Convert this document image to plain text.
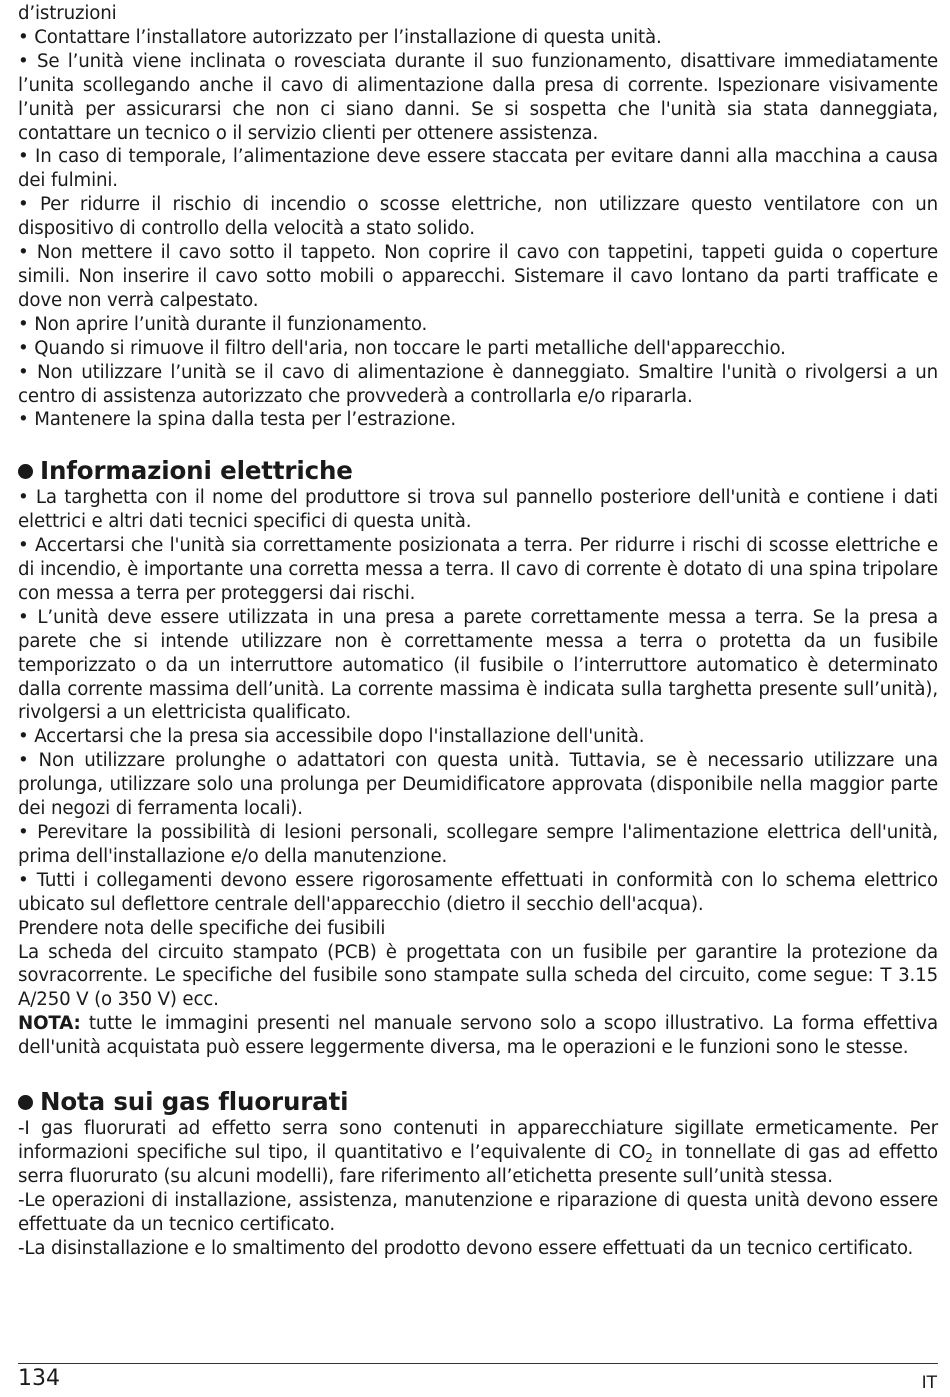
d’istruzioni

• Contattare l’installatore autorizzato per l’installazione di questa unità.

• Se l’unità viene inclinata o rovesciata durante il suo funzionamento, disattivare immediatamente l’unita scollegando anche il cavo di alimentazione dalla presa di corrente. Ispezionare visivamente l’unità per assicurarsi che non ci siano danni. Se si sospetta che l'unità sia stata danneggiata, contattare un tecnico o il servizio clienti per ottenere assistenza.

• In caso di temporale, l’alimentazione deve essere staccata per evitare danni alla macchina a causa dei fulmini.

• Per ridurre il rischio di incendio o scosse elettriche, non utilizzare questo ventilatore con un dispositivo di controllo della velocità a stato solido.

• Non mettere il cavo sotto il tappeto. Non coprire il cavo con tappetini, tappeti guida o coperture simili. Non inserire il cavo sotto mobili o apparecchi. Sistemare il cavo lontano da parti trafficate e dove non verrà calpestato.

• Non aprire l’unità durante il funzionamento.

• Quando si rimuove il filtro dell'aria, non toccare le parti metalliche dell'apparecchio.

• Non utilizzare l’unità se il cavo di alimentazione è danneggiato. Smaltire l'unità o rivolgersi a un centro di assistenza autorizzato che provvederà a controllarla e/o ripararla.

• Mantenere la spina dalla testa per l’estrazione.

Informazioni elettriche

• La targhetta con il nome del produttore si trova sul pannello posteriore dell'unità e contiene i dati elettrici e altri dati tecnici specifici di questa unità.

• Accertarsi che l'unità sia correttamente posizionata a terra. Per ridurre i rischi di scosse elettriche e di incendio, è importante una corretta messa a terra. Il cavo di corrente è dotato di una spina tripolare con messa a terra per proteggersi dai rischi.

• L’unità deve essere utilizzata in una presa a parete correttamente messa a terra. Se la presa a parete che si intende utilizzare non è correttamente messa a terra o protetta da un fusibile temporizzato o da un interruttore automatico (il fusibile o l’interruttore automatico è determinato dalla corrente massima dell’unità. La corrente massima è indicata sulla targhetta presente sull’unità), rivolgersi a un elettricista qualificato.

• Accertarsi che la presa sia accessibile dopo l'installazione dell'unità.

• Non utilizzare prolunghe o adattatori con questa unità. Tuttavia, se è necessario utilizzare una prolunga, utilizzare solo una prolunga per Deumidificatore approvata (disponibile nella maggior parte dei negozi di ferramenta locali).

• Perevitare la possibilità di lesioni personali, scollegare sempre l'alimentazione elettrica dell'unità, prima dell'installazione e/o della manutenzione.

• Tutti i collegamenti devono essere rigorosamente effettuati in conformità con lo schema elettrico ubicato sul deflettore centrale dell'apparecchio (dietro il secchio dell'acqua).

Prendere nota delle specifiche dei fusibili

La scheda del circuito stampato (PCB) è progettata con un fusibile per garantire la protezione da sovracorrente. Le specifiche del fusibile sono stampate sulla scheda del circuito, come segue: T 3.15 A/250 V (o 350 V) ecc.

NOTA: tutte le immagini presenti nel manuale servono solo a scopo illustrativo. La forma effettiva dell'unità acquistata può essere leggermente diversa, ma le operazioni e le funzioni sono le stesse.

Nota sui gas fluorurati

-I gas fluorurati ad effetto serra sono contenuti in apparecchiature sigillate ermeticamente. Per informazioni specifiche sul tipo, il quantitativo e l’equivalente di $CO_2$ in tonnellate di gas ad effetto serra fluorurato (su alcuni modelli), fare riferimento all’etichetta presente sull’unità stessa.

-Le operazioni di installazione, assistenza, manutenzione e riparazione di questa unità devono essere effettuate da un tecnico certificato.

-La disinstallazione e lo smaltimento del prodotto devono essere effettuati da un tecnico certificato.

134	IT
